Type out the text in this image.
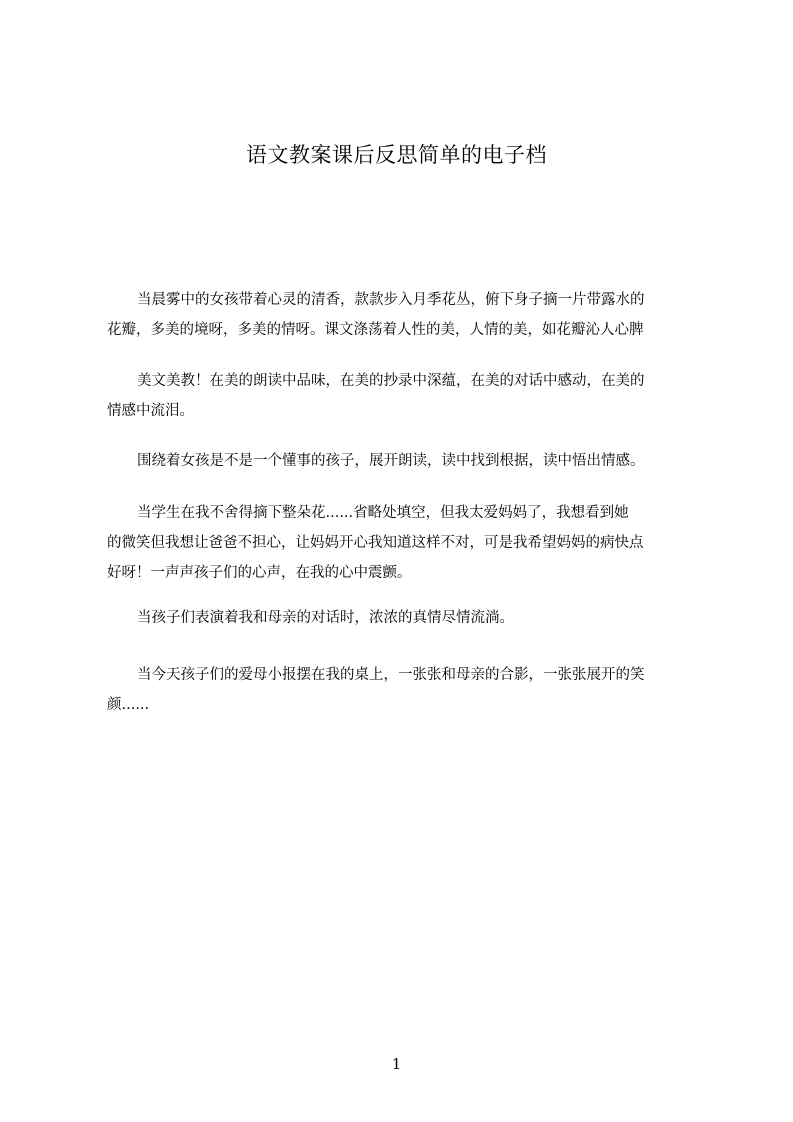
语文教案课后反思简单的电子档
当晨雾中的女孩带着心灵的清香，款款步入月季花丛，俯下身子摘一片带露水的
花瓣，多美的境呀，多美的情呀。课文涤荡着人性的美，人情的美，如花瓣沁人心脾
美文美教！在美的朗读中品味，在美的抄录中深蕴，在美的对话中感动，在美的
情感中流泪。
围绕着女孩是不是一个懂事的孩子，展开朗读，读中找到根据，读中悟出情感。
当学生在我不舍得摘下整朵花......省略处填空，但我太爱妈妈了，我想看到她
的微笑但我想让爸爸不担心，让妈妈开心我知道这样不对，可是我希望妈妈的病快点
好呀！一声声孩子们的心声，在我的心中震颤。
当孩子们表演着我和母亲的对话时，浓浓的真情尽情流淌。
当今天孩子们的爱母小报摆在我的桌上，一张张和母亲的合影，一张张展开的笑
颜......
1
